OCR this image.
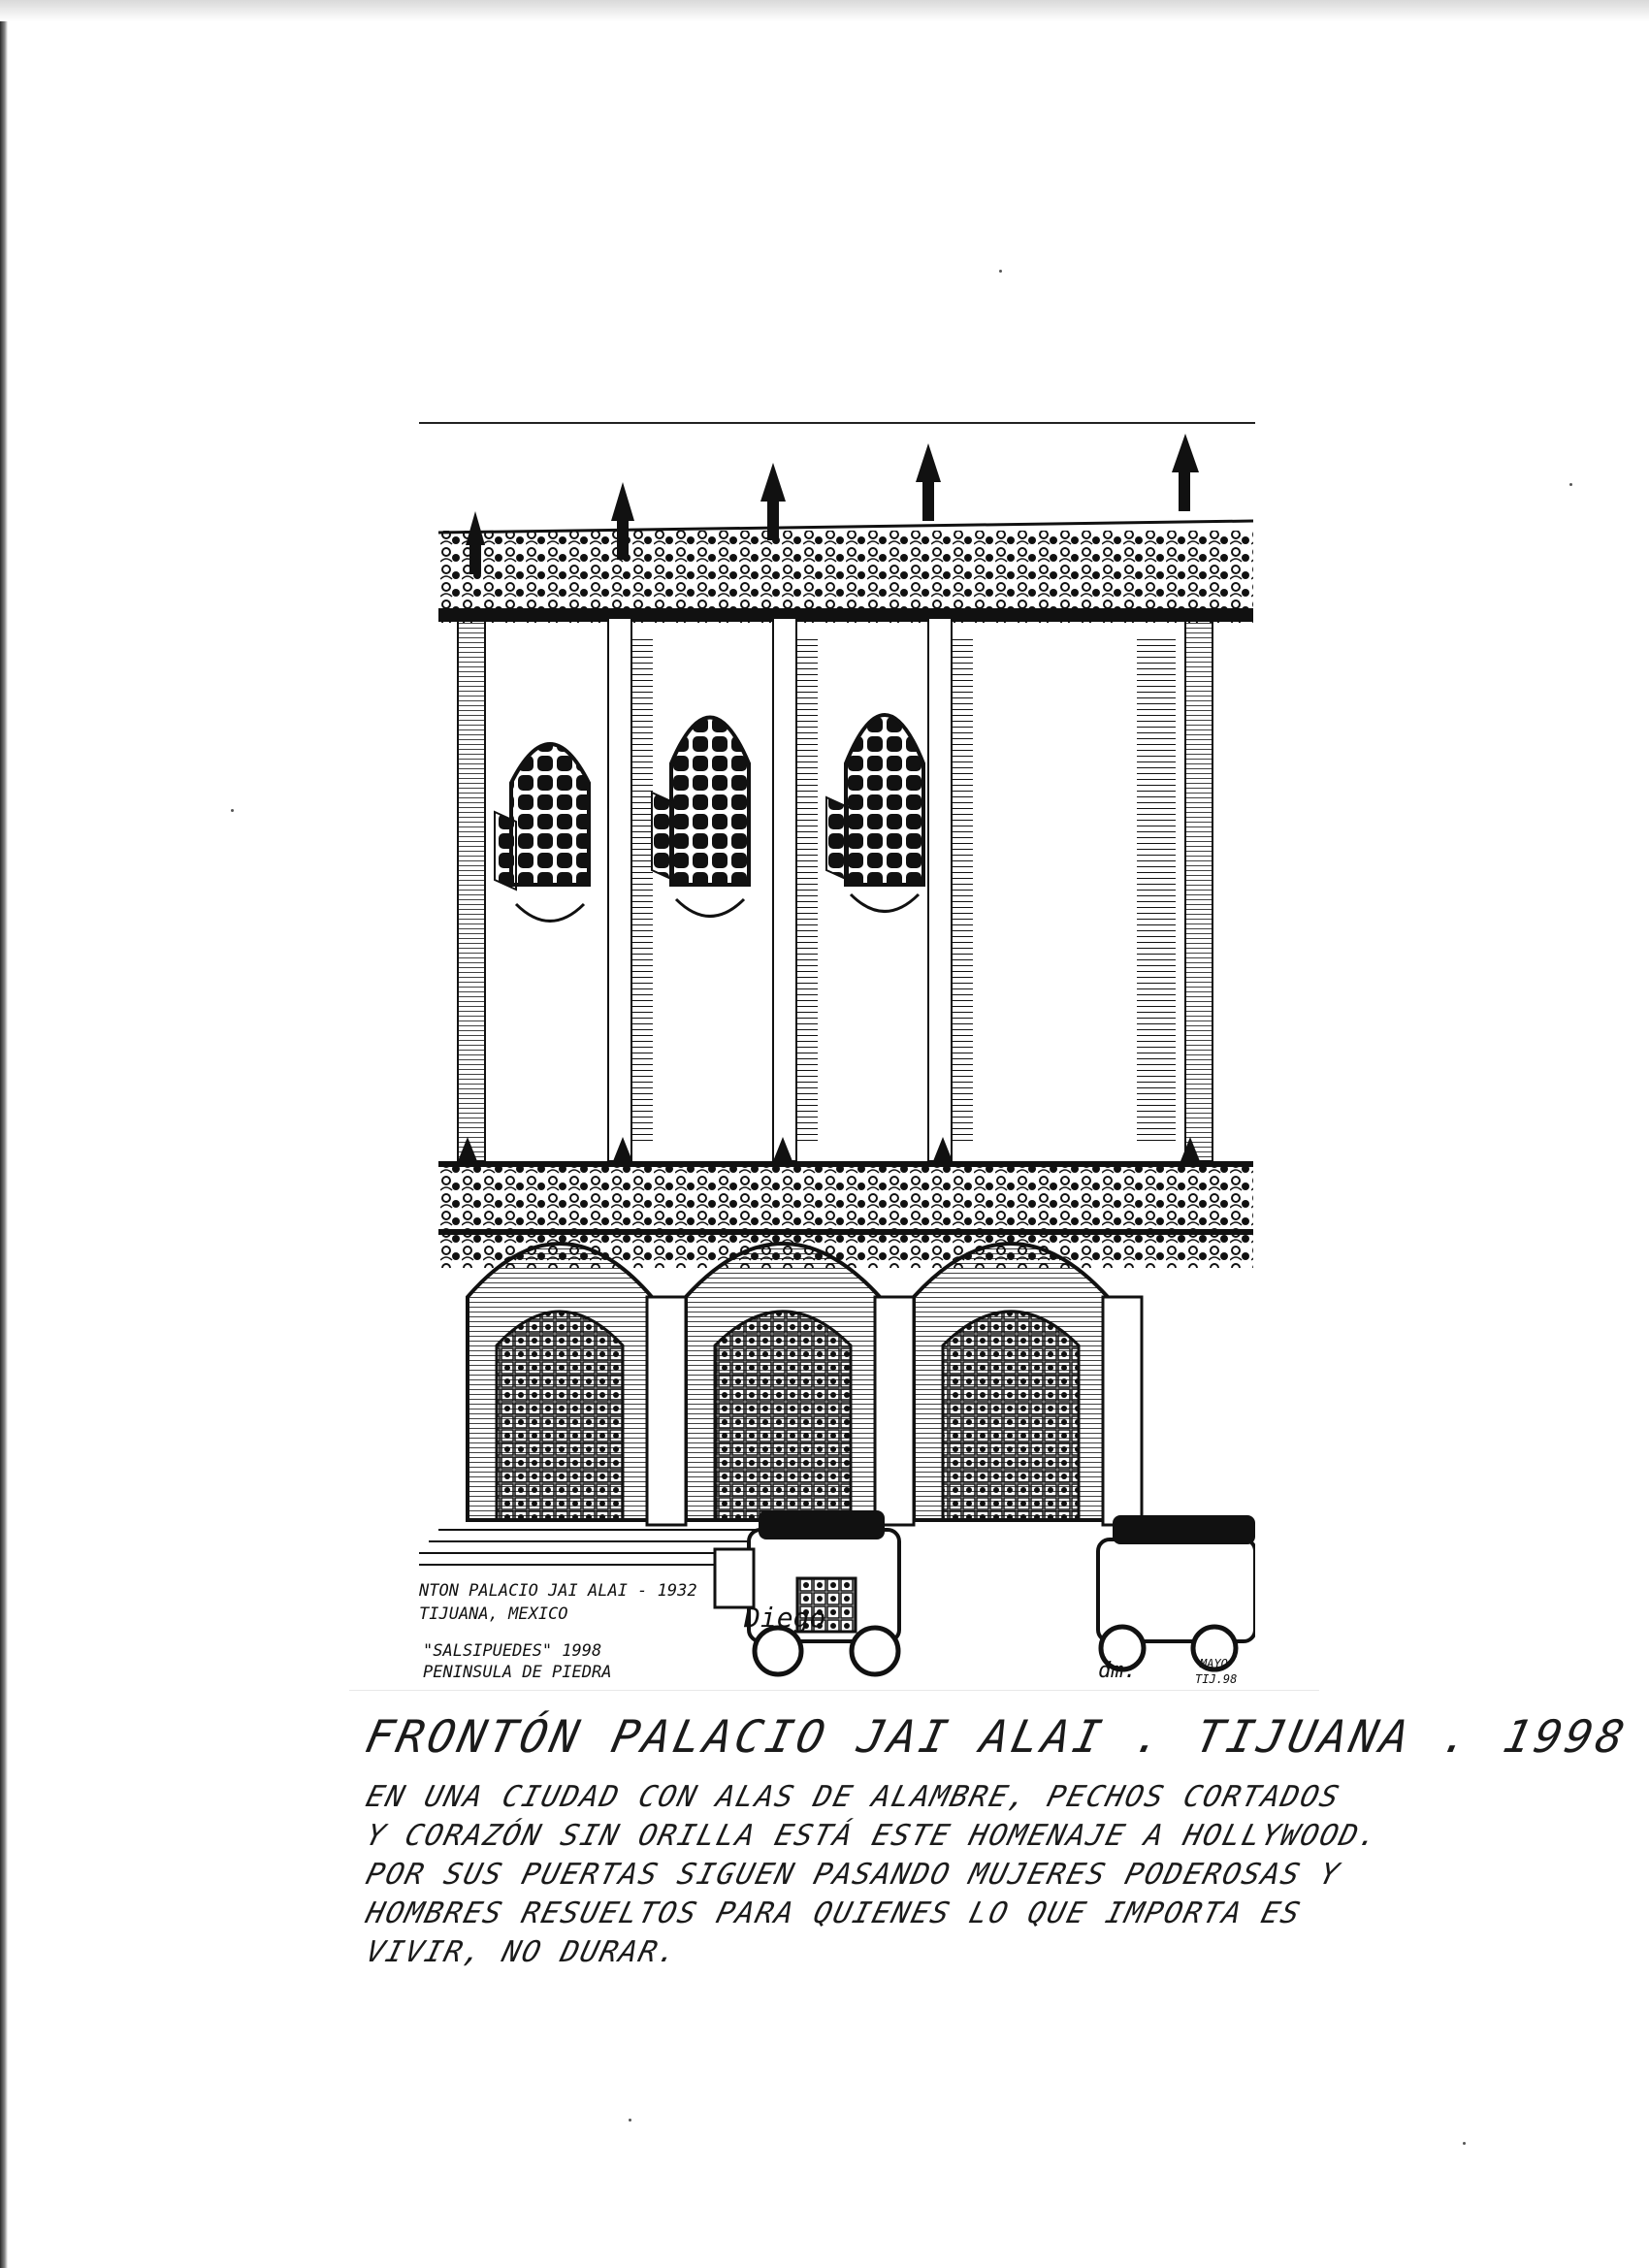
NTON PALACIO JAI ALAI - 1932
TIJUANA, MEXICO
"SALSIPUEDES" 1998
PENINSULA DE PIEDRA
Diego
dm.	MAYO
TIJ.98
FRONTÓN PALACIO JAI ALAI . TIJUANA . 1998
EN UNA CIUDAD CON ALAS DE ALAMBRE, PECHOS CORTADOS
Y CORAZÓN SIN ORILLA ESTÁ ESTE HOMENAJE A HOLLYWOOD.
POR SUS PUERTAS SIGUEN PASANDO MUJERES PODEROSAS Y
HOMBRES RESUELTOS PARA QUIENES LO QUE IMPORTA ES
VIVIR, NO DURAR.
